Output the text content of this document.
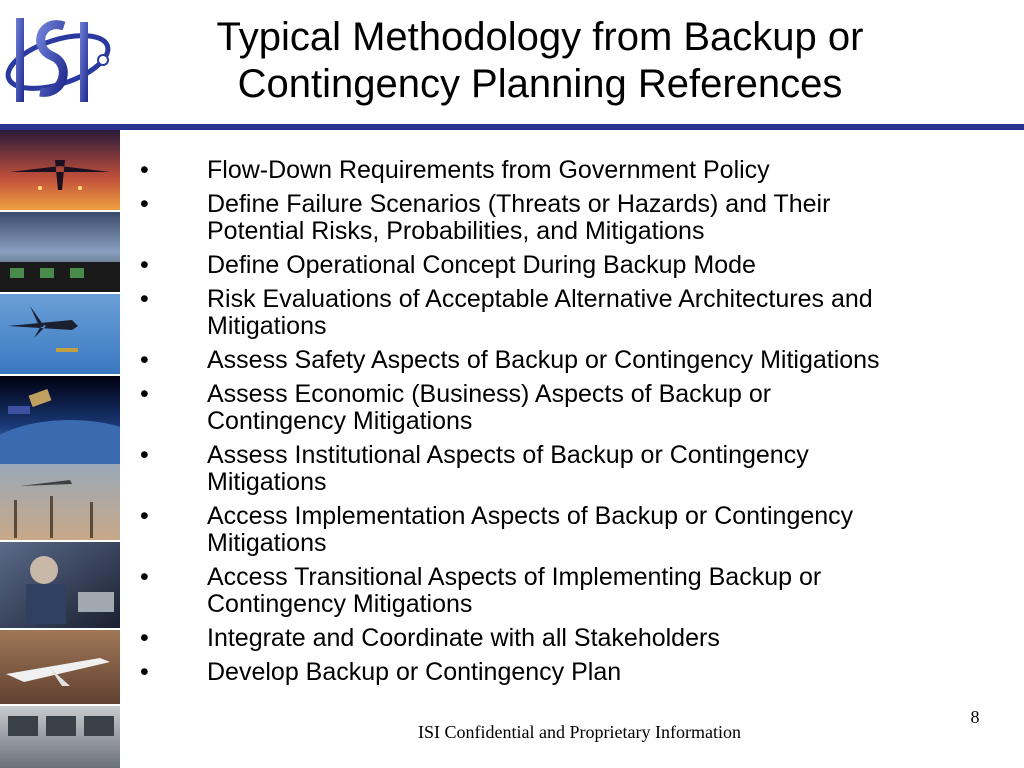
Typical Methodology from Backup or
Contingency Planning References
•	Flow-Down Requirements from Government Policy
•	Define Failure Scenarios (Threats or Hazards) and Their
Potential Risks, Probabilities, and Mitigations
•	Define Operational Concept During Backup Mode
•	Risk Evaluations of Acceptable Alternative Architectures and
Mitigations
•	Assess Safety Aspects of Backup or Contingency Mitigations
•	Assess Economic (Business) Aspects of Backup or
Contingency Mitigations
•	Assess Institutional Aspects of Backup or Contingency
Mitigations
•	Access Implementation Aspects of Backup or Contingency
Mitigations
•	Access Transitional Aspects of Implementing Backup or
Contingency Mitigations
•	Integrate and Coordinate with all Stakeholders
•	Develop Backup or Contingency Plan
ISI Confidential and Proprietary Information
8
